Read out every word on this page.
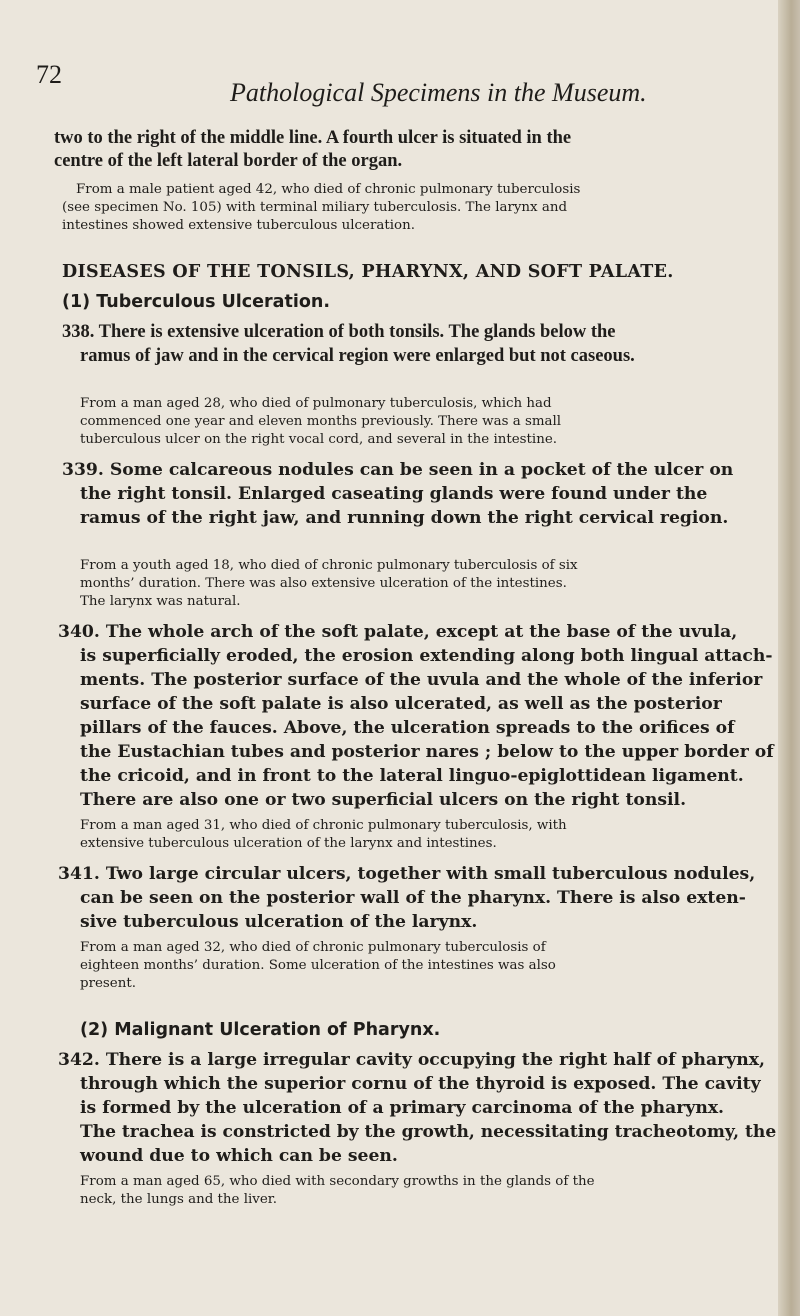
72
Pathological Specimens in the Museum.
two to the right of the middle line. A fourth ulcer is situated in the
centre of the left lateral border of the organ.
From a male patient aged 42, who died of chronic pulmonary tuberculosis
(see specimen No. 105) with terminal miliary tuberculosis. The larynx and
intestines showed extensive tuberculous ulceration.
DISEASES OF THE TONSILS, PHARYNX, AND SOFT PALATE.
(1) Tuberculous Ulceration.
338. There is extensive ulceration of both tonsils. The glands below the
ramus of jaw and in the cervical region were enlarged but not caseous.
From a man aged 28, who died of pulmonary tuberculosis, which had
commenced one year and eleven months previously. There was a small
tuberculous ulcer on the right vocal cord, and several in the intestine.
339. Some calcareous nodules can be seen in a pocket of the ulcer on
the right tonsil. Enlarged caseating glands were found under the
ramus of the right jaw, and running down the right cervical region.
From a youth aged 18, who died of chronic pulmonary tuberculosis of six
months’ duration. There was also extensive ulceration of the intestines.
The larynx was natural.
340. The whole arch of the soft palate, except at the base of the uvula,
is superficially eroded, the erosion extending along both lingual attach-
ments. The posterior surface of the uvula and the whole of the inferior
surface of the soft palate is also ulcerated, as well as the posterior
pillars of the fauces. Above, the ulceration spreads to the orifices of
the Eustachian tubes and posterior nares ; below to the upper border of
the cricoid, and in front to the lateral linguo-epiglottidean ligament.
There are also one or two superficial ulcers on the right tonsil.
From a man aged 31, who died of chronic pulmonary tuberculosis, with
extensive tuberculous ulceration of the larynx and intestines.
341. Two large circular ulcers, together with small tuberculous nodules,
can be seen on the posterior wall of the pharynx. There is also exten-
sive tuberculous ulceration of the larynx.
From a man aged 32, who died of chronic pulmonary tuberculosis of
eighteen months’ duration. Some ulceration of the intestines was also
present.
(2) Malignant Ulceration of Pharynx.
342. There is a large irregular cavity occupying the right half of pharynx,
through which the superior cornu of the thyroid is exposed. The cavity
is formed by the ulceration of a primary carcinoma of the pharynx.
The trachea is constricted by the growth, necessitating tracheotomy, the
wound due to which can be seen.
From a man aged 65, who died with secondary growths in the glands of the
neck, the lungs and the liver.
